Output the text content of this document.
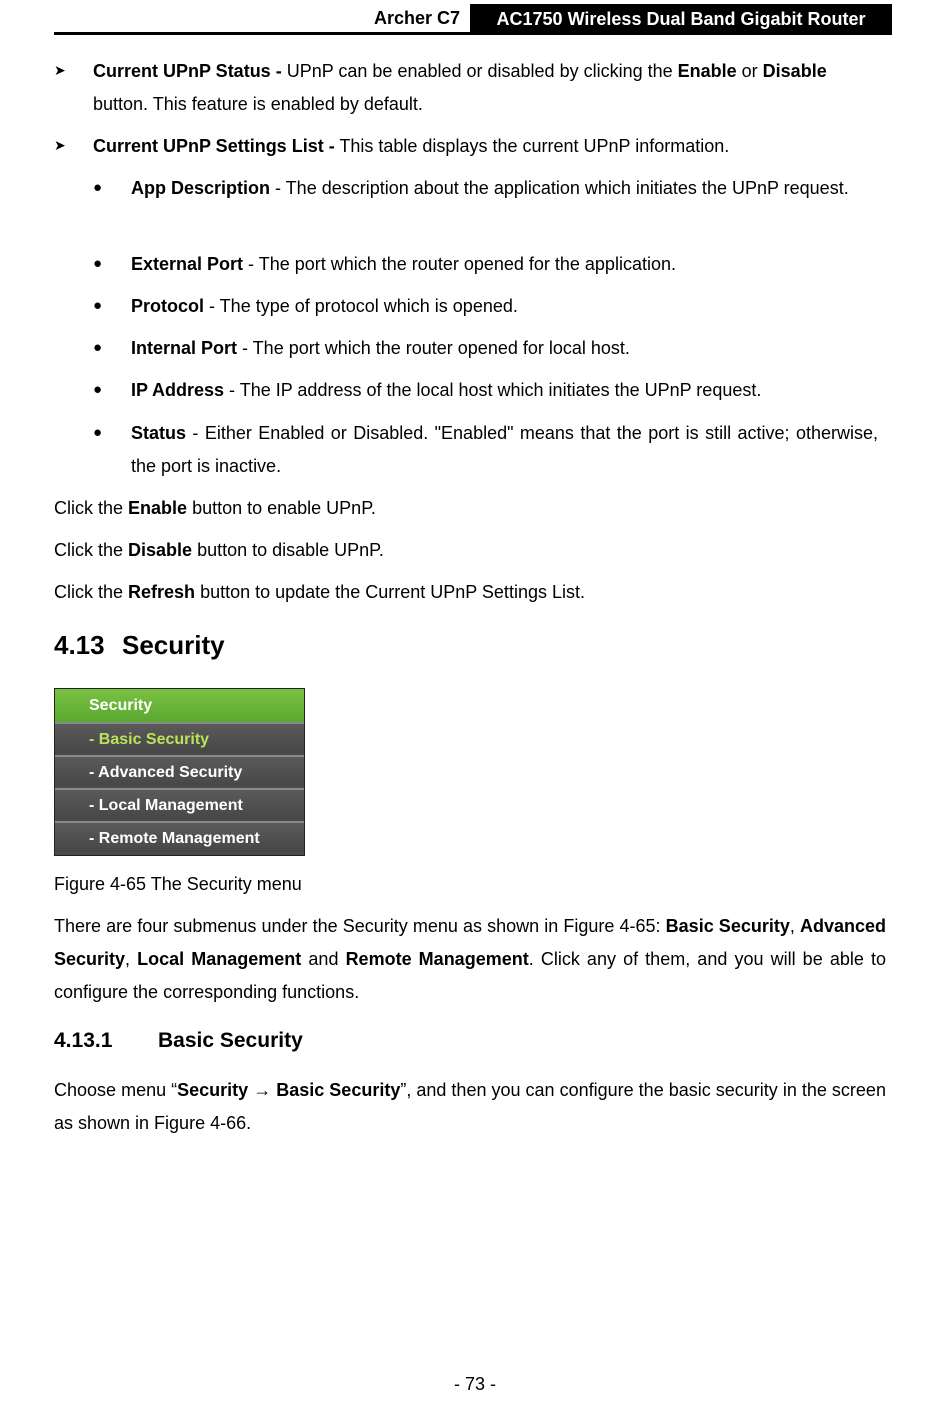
Archer C7	AC1750 Wireless Dual Band Gigabit Router
➤ Current UPnP Status - UPnP can be enabled or disabled by clicking the Enable or Disable button. This feature is enabled by default.

➤ Current UPnP Settings List - This table displays the current UPnP information.

● App Description - The description about the application which initiates the UPnP request.

● External Port - The port which the router opened for the application.

● Protocol - The type of protocol which is opened.

● Internal Port - The port which the router opened for local host.

● IP Address - The IP address of the local host which initiates the UPnP request.

● Status - Either Enabled or Disabled. "Enabled" means that the port is still active; otherwise, the port is inactive.

Click the Enable button to enable UPnP.

Click the Disable button to disable UPnP.

Click the Refresh button to update the Current UPnP Settings List.

4.13 Security
Security
- Basic Security
- Advanced Security
- Local Management
- Remote Management

Figure 4-65 The Security menu

There are four submenus under the Security menu as shown in Figure 4-65: Basic Security, Advanced Security, Local Management and Remote Management. Click any of them, and you will be able to configure the corresponding functions.

4.13.1 Basic Security

Choose menu “Security → Basic Security”, and then you can configure the basic security in the screen as shown in Figure 4-66.

- 73 -
